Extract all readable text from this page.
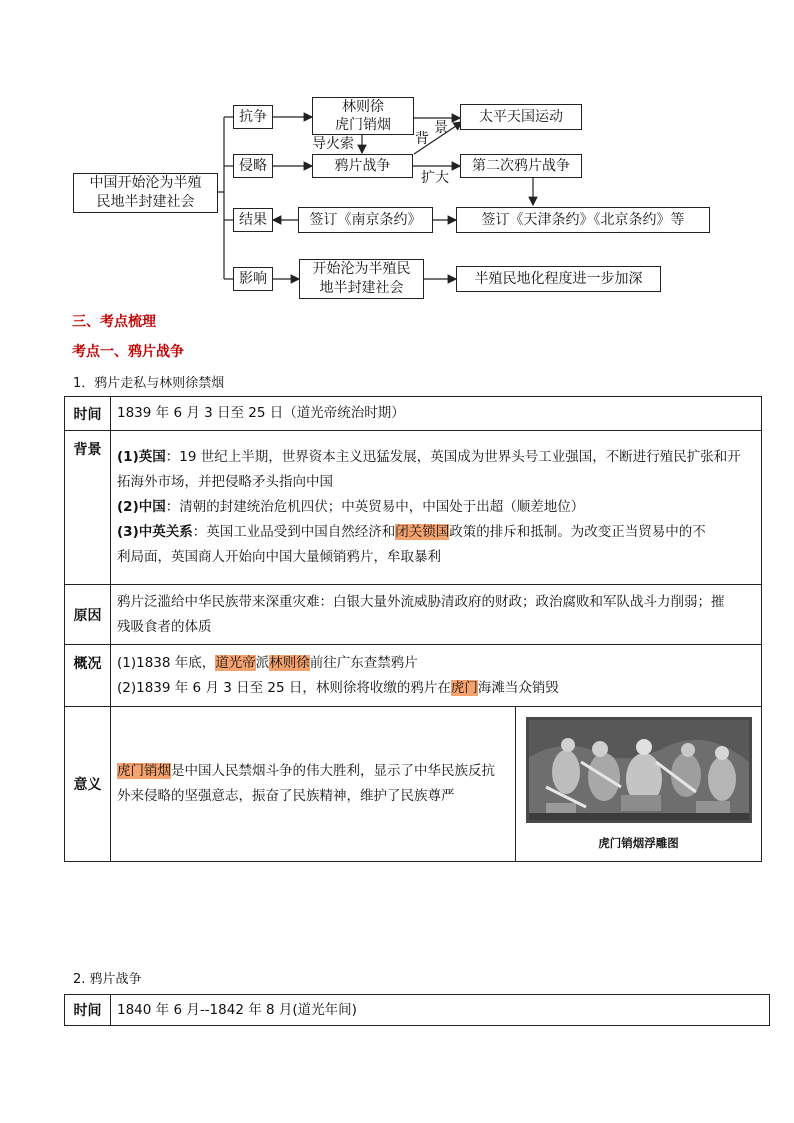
中国开始沦为半殖
民地半封建社会
抗争
侵略
结果
影响
林则徐
虎门销烟
鸦片战争
签订《南京条约》
开始沦为半殖民
地半封建社会
太平天国运动
第二次鸦片战争
签订《天津条约》《北京条约》等
半殖民地化程度进一步加深
导火索	背
景
扩大
三、考点梳理
考点一、鸦片战争
1．鸦片走私与林则徐禁烟
时间	1839 年 6 月 3 日至 25 日（道光帝统治时期）	
背景	(1)英国：19 世纪上半期，世界资本主义迅猛发展，英国成为世界头号工业强国，不断进行殖民扩张和开

拓海外市场，并把侵略矛头指向中国

(2)中国：清朝的封建统治危机四伏；中英贸易中，中国处于出超（顺差地位）

(3)中英关系：英国工业品受到中国自然经济和闭关锁国政策的排斥和抵制。为改变正当贸易中的不

利局面，英国商人开始向中国大量倾销鸦片，牟取暴利	

原因	鸦片泛滥给中华民族带来深重灾难：白银大量外流威胁清政府的财政；政治腐败和军队战斗力削弱；摧

残吸食者的体质	

概况	(1)1838 年底，道光帝派林则徐前往广东查禁鸦片

(2)1839 年 6 月 3 日至 25 日，林则徐将收缴的鸦片在虎门海滩当众销毁	

意义	虎门销烟是中国人民禁烟斗争的伟大胜利，显示了中华民族反抗

外来侵略的坚强意志，振奋了民族精神，维护了民族尊严	虎门销烟浮雕图
2. 鸦片战争
时间	1840 年 6 月--1842 年 8 月(道光年间)
